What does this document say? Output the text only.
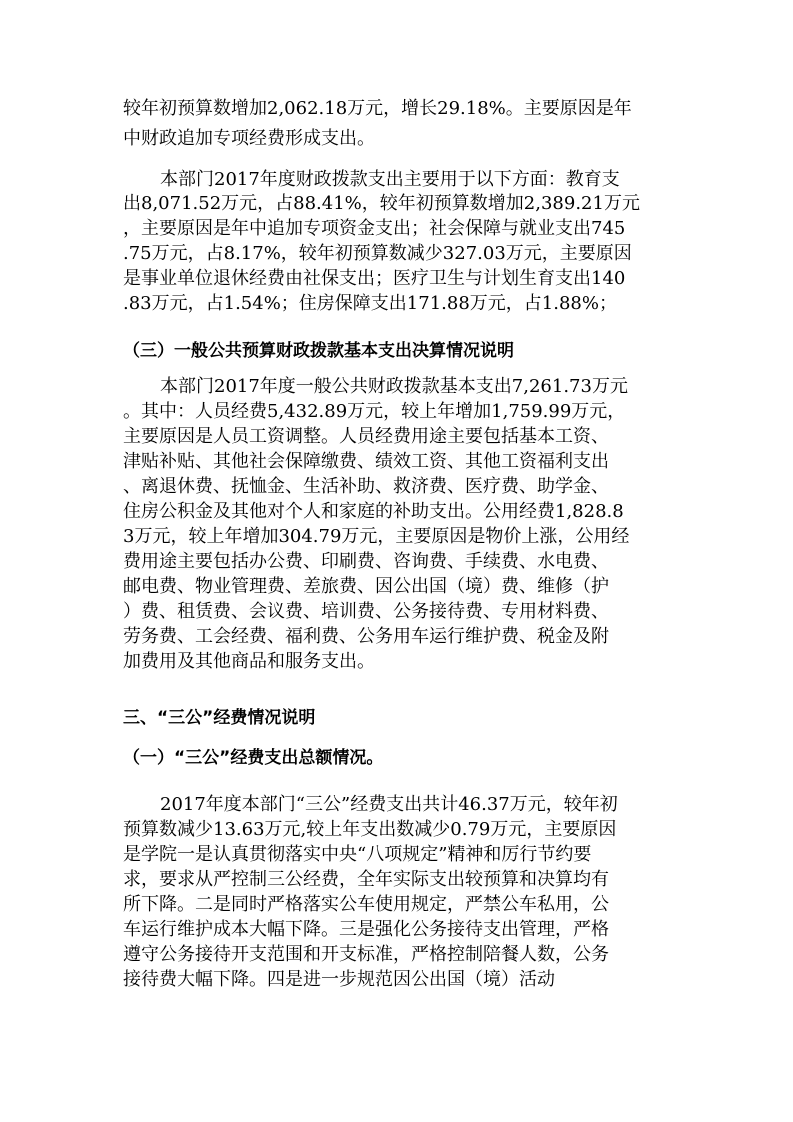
较年初预算数增加2,062.18万元，增长29.18%。主要原因是年
中财政追加专项经费形成支出。
本部门2017年度财政拨款支出主要用于以下方面：教育支
出8,071.52万元，占88.41%，较年初预算数增加2,389.21万元
，主要原因是年中追加专项资金支出；社会保障与就业支出745
.75万元，占8.17%，较年初预算数减少327.03万元，主要原因
是事业单位退休经费由社保支出；医疗卫生与计划生育支出140
.83万元，占1.54%；住房保障支出171.88万元，占1.88%；
（三）一般公共预算财政拨款基本支出决算情况说明
本部门2017年度一般公共财政拨款基本支出7,261.73万元
。其中：人员经费5,432.89万元，较上年增加1,759.99万元，
主要原因是人员工资调整。人员经费用途主要包括基本工资、
津贴补贴、其他社会保障缴费、绩效工资、其他工资福利支出
、离退休费、抚恤金、生活补助、救济费、医疗费、助学金、
住房公积金及其他对个人和家庭的补助支出。公用经费1,828.8
3万元，较上年增加304.79万元，主要原因是物价上涨，公用经
费用途主要包括办公费、印刷费、咨询费、手续费、水电费、
邮电费、物业管理费、差旅费、因公出国（境）费、维修（护
）费、租赁费、会议费、培训费、公务接待费、专用材料费、
劳务费、工会经费、福利费、公务用车运行维护费、税金及附
加费用及其他商品和服务支出。
三、“三公”经费情况说明
（一）“三公”经费支出总额情况。
2017年度本部门“三公”经费支出共计46.37万元，较年初
预算数减少13.63万元,较上年支出数减少0.79万元，主要原因
是学院一是认真贯彻落实中央“八项规定”精神和厉行节约要
求，要求从严控制三公经费，全年实际支出较预算和决算均有
所下降。二是同时严格落实公车使用规定，严禁公车私用，公
车运行维护成本大幅下降。三是强化公务接待支出管理，严格
遵守公务接待开支范围和开支标准，严格控制陪餐人数，公务
接待费大幅下降。四是进一步规范因公出国（境）活动
